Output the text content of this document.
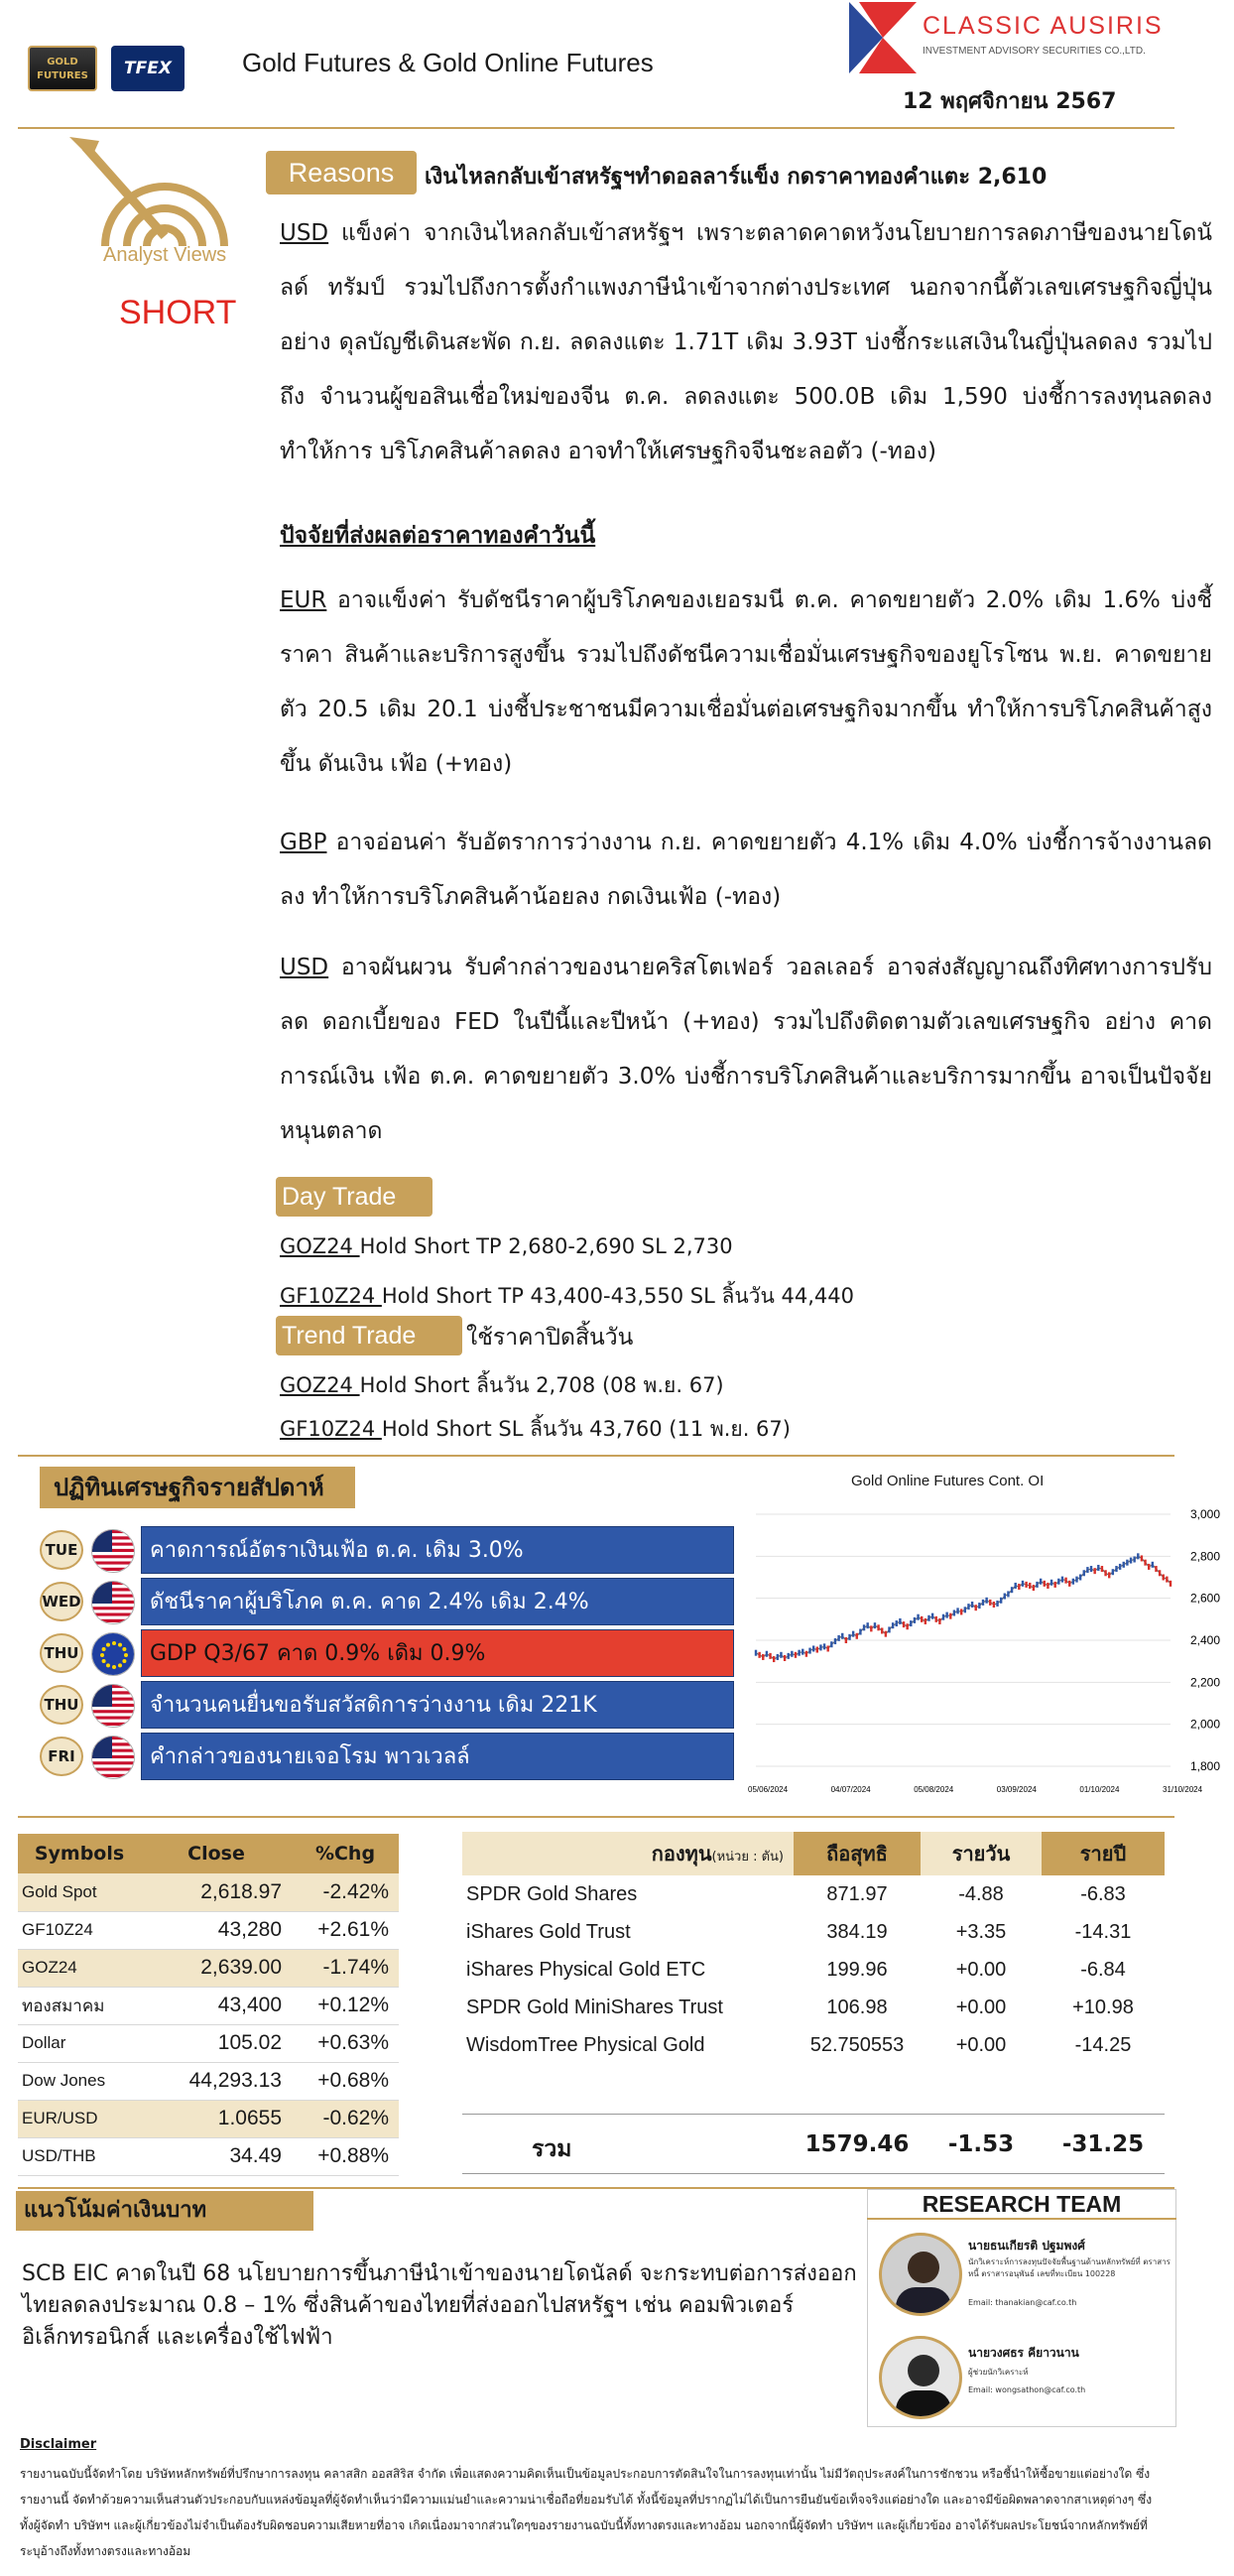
GOLD FUTURES	TFEX	Gold Futures & Gold Online Futures
CLASSIC AUSIRIS
INVESTMENT ADVISORY SECURITIES CO.,LTD.
12 พฤศจิกายน 2567
Analyst Views
SHORT
Reasons	เงินไหลกลับเข้าสหรัฐฯทำดอลลาร์แข็ง กดราคาทองคำแตะ 2,610
USD แข็งค่า จากเงินไหลกลับเข้าสหรัฐฯ เพราะตลาดคาดหวังนโยบายการลดภาษีของนายโดนัลด์ ทรัมป์ รวมไปถึงการตั้งกำแพงภาษีนำเข้าจากต่างประเทศ นอกจากนี้ตัวเลขเศรษฐกิจญี่ปุ่น อย่าง ดุลบัญชีเดินสะพัด ก.ย. ลดลงแตะ 1.71T เดิม 3.93T บ่งชี้กระแสเงินในญี่ปุ่นลดลง รวมไปถึง จำนวนผู้ขอสินเชื่อใหม่ของจีน ต.ค. ลดลงแตะ 500.0B เดิม 1,590 บ่งชี้การลงทุนลดลง ทำให้การ บริโภคสินค้าลดลง อาจทำให้เศรษฐกิจจีนชะลอตัว (-ทอง)
ปัจจัยที่ส่งผลต่อราคาทองคำวันนี้
EUR อาจแข็งค่า รับดัชนีราคาผู้บริโภคของเยอรมนี ต.ค. คาดขยายตัว 2.0% เดิม 1.6% บ่งชี้ราคา สินค้าและบริการสูงขึ้น รวมไปถึงดัชนีความเชื่อมั่นเศรษฐกิจของยูโรโซน พ.ย. คาดขยายตัว 20.5 เดิม 20.1 บ่งชี้ประชาชนมีความเชื่อมั่นต่อเศรษฐกิจมากขึ้น ทำให้การบริโภคสินค้าสูงขึ้น ดันเงิน เฟ้อ (+ทอง)
GBP อาจอ่อนค่า รับอัตราการว่างงาน ก.ย. คาดขยายตัว 4.1% เดิม 4.0% บ่งชี้การจ้างงานลดลง ทำให้การบริโภคสินค้าน้อยลง กดเงินเฟ้อ (-ทอง)
USD อาจผันผวน รับคำกล่าวของนายคริสโตเฟอร์ วอลเลอร์ อาจส่งสัญญาณถึงทิศทางการปรับลด ดอกเบี้ยของ FED ในปีนี้และปีหน้า (+ทอง) รวมไปถึงติดตามตัวเลขเศรษฐกิจ อย่าง คาดการณ์เงิน เฟ้อ ต.ค. คาดขยายตัว 3.0% บ่งชี้การบริโภคสินค้าและบริการมากขึ้น อาจเป็นปัจจัยหนุนตลาด
Day Trade
GOZ24 Hold Short TP 2,680-2,690 SL 2,730
GF10Z24 Hold Short TP 43,400-43,550 SL ลิ้นวัน 44,440
Trend Trade	ใช้ราคาปิดสิ้นวัน
GOZ24 Hold Short ลิ้นวัน 2,708 (08 พ.ย. 67)
GF10Z24 Hold Short SL ลิ้นวัน 43,760 (11 พ.ย. 67)
ปฏิทินเศรษฐกิจรายสัปดาห์
TUE	คาดการณ์อัตราเงินเฟ้อ ต.ค. เดิม 3.0%
WED	ดัชนีราคาผู้บริโภค ต.ค. คาด 2.4% เดิม 2.4%
THU	GDP Q3/67 คาด 0.9% เดิม 0.9%
THU	จำนวนคนยื่นขอรับสวัสดิการว่างงาน เดิม 221K
FRI	คำกล่าวของนายเจอโรม พาวเวลล์
Gold Online Futures Cont. OI
3,000
2,800
2,600
2,400
2,200
2,000
1,800
05/06/2024	04/07/2024	05/08/2024	03/09/2024	01/10/2024	31/10/2024
Symbols	Close	%Chg
Gold Spot	2,618.97	-2.42%
GF10Z24	43,280	+2.61%
GOZ24	2,639.00	-1.74%
ทองสมาคม	43,400	+0.12%
Dollar	105.02	+0.63%
Dow Jones	44,293.13	+0.68%
EUR/USD	1.0655	-0.62%
USD/THB	34.49	+0.88%
กองทุน(หน่วย : ตัน)	ถือสุทธิ	รายวัน	รายปี
SPDR Gold Shares	871.97	-4.88	-6.83
iShares Gold Trust	384.19	+3.35	-14.31
iShares Physical Gold ETC	199.96	+0.00	-6.84
SPDR Gold MiniShares Trust	106.98	+0.00	+10.98
WisdomTree Physical Gold	52.750553	+0.00	-14.25
รวม	1579.46	-1.53	-31.25
แนวโน้มค่าเงินบาท
SCB EIC คาดในปี 68 นโยบายการขึ้นภาษีนำเข้าของนายโดนัลด์ จะกระทบต่อการส่งออก ไทยลดลงประมาณ 0.8 – 1% ซึ่งสินค้าของไทยที่ส่งออกไปสหรัฐฯ เช่น คอมพิวเตอร์ อิเล็กทรอนิกส์ และเครื่องใช้ไฟฟ้า
RESEARCH TEAM
นายธนเกียรติ ปฐมพงศ์
นักวิเคราะห์การลงทุนปัจจัยพื้นฐานด้านหลักทรัพย์ที่ ตราสารหนี้ ตราสารอนุพันธ์ เลขที่ทะเบียน 100228
Email: thanakian@caf.co.th
นายวงศธร คียาวนาน
ผู้ช่วยนักวิเคราะห์
Email: wongsathon@caf.co.th
Disclaimer
รายงานฉบับนี้จัดทำโดย บริษัทหลักทรัพย์ที่ปรึกษาการลงทุน คลาสสิก ออสสิริส จำกัด เพื่อแสดงความคิดเห็นเป็นข้อมูลประกอบการตัดสินใจในการลงทุนเท่านั้น ไม่มีวัตถุประสงค์ในการชักชวน หรือชี้นำให้ซื้อขายแต่อย่างใด ซึ่งรายงานนี้ จัดทำด้วยความเห็นส่วนตัวประกอบกับแหล่งข้อมูลที่ผู้จัดทำเห็นว่ามีความแม่นยำและความน่าเชื่อถือที่ยอมรับได้ ทั้งนี้ข้อมูลที่ปรากฏไม่ได้เป็นการยืนยันข้อเท็จจริงแต่อย่างใด และอาจมีข้อผิดพลาดจากสาเหตุต่างๆ ซึ่งทั้งผู้จัดทำ บริษัทฯ และผู้เกี่ยวข้องไม่จำเป็นต้องรับผิดชอบความเสียหายที่อาจ เกิดเนื่องมาจากส่วนใดๆของรายงานฉบับนี้ทั้งทางตรงและทางอ้อม นอกจากนี้ผู้จัดทำ บริษัทฯ และผู้เกี่ยวข้อง อาจได้รับผลประโยชน์จากหลักทรัพย์ที่ระบุอ้างถึงทั้งทางตรงและทางอ้อม
